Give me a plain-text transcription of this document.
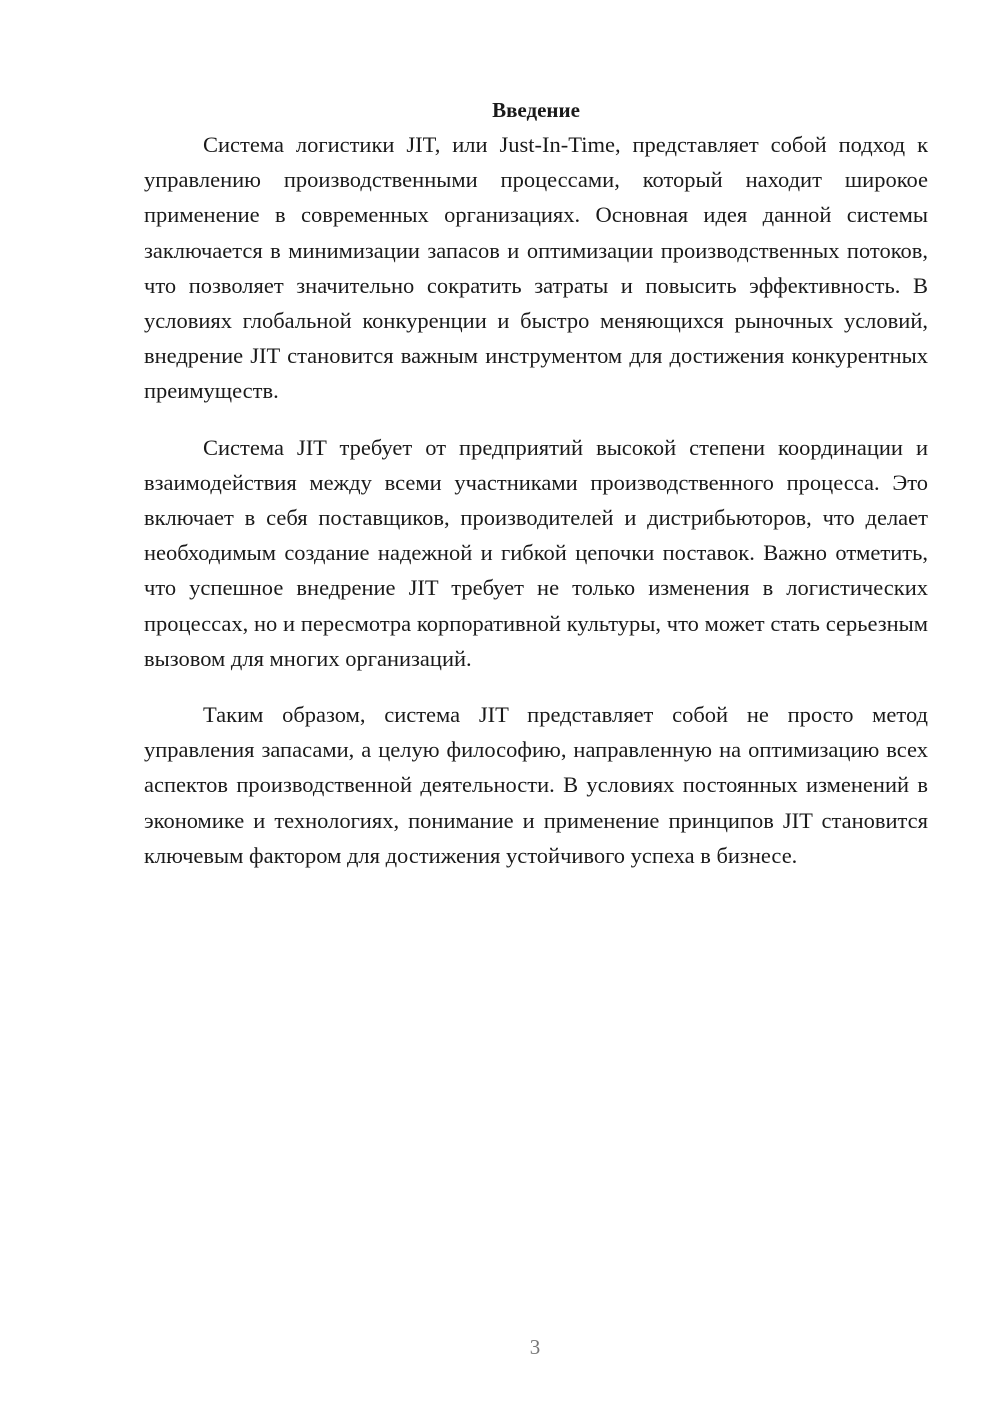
Введение

Система логистики JIT, или Just-In-Time, представляет собой подход к управлению производственными процессами, который находит широкое применение в современных организациях. Основная идея данной системы заключается в минимизации запасов и оптимизации производственных потоков, что позволяет значительно сократить затраты и повысить эффективность. В условиях глобальной конкуренции и быстро меняющихся рыночных условий, внедрение JIT становится важным инструментом для достижения конкурентных преимуществ.

Система JIT требует от предприятий высокой степени координации и взаимодействия между всеми участниками производственного процесса. Это включает в себя поставщиков, производителей и дистрибьюторов, что делает необходимым создание надежной и гибкой цепочки поставок. Важно отметить, что успешное внедрение JIT требует не только изменения в логистических процессах, но и пересмотра корпоративной культуры, что может стать серьезным вызовом для многих организаций.

Таким образом, система JIT представляет собой не просто метод управления запасами, а целую философию, направленную на оптимизацию всех аспектов производственной деятельности. В условиях постоянных изменений в экономике и технологиях, понимание и применение принципов JIT становится ключевым фактором для достижения устойчивого успеха в бизнесе.

3
